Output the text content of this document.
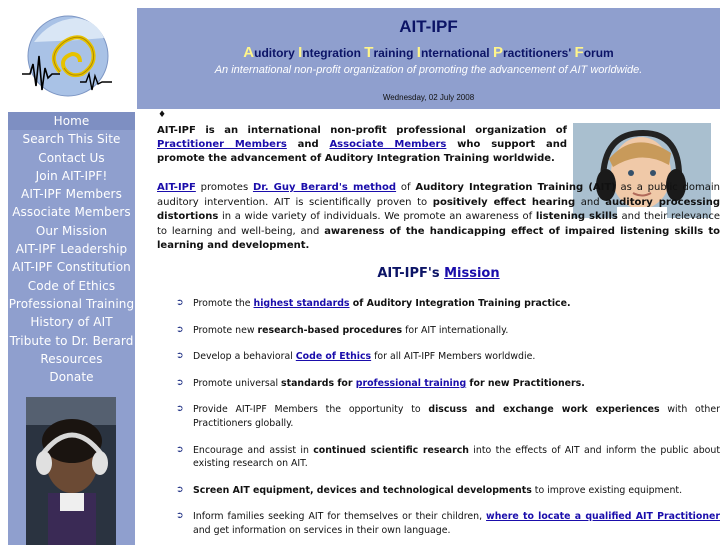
AIT-IPF
Auditory Integration Training International Practitioners' Forum
An international non-profit organization of promoting the advancement of AIT worldwide.
Wednesday, 02 July 2008
Home
Search This Site
Contact Us
Join AIT-IPF!
AIT-IPF Members
Associate Members
Our Mission
AIT-IPF Leadership
AIT-IPF Constitution
Code of Ethics
Professional Training
History of AIT
Tribute to Dr. Berard
Resources
Donate
♦
AIT-IPF is an international non-profit professional organization of Practitioner Members and Associate Members who support and promote the advancement of Auditory Integration Training worldwide.
AIT-IPF promotes Dr. Guy Berard's method of Auditory Integration Training (AIT) as a public domain auditory intervention. AIT is scientifically proven to positively effect hearing and auditory processing distortions in a wide variety of individuals. We promote an awareness of listening skills and their relevance to learning and well-being, and awareness of the handicapping effect of impaired listening skills to learning and development.
AIT-IPF's Mission
➲ Promote the highest standards of Auditory Integration Training practice.
➲ Promote new research-based procedures for AIT internationally.
➲ Develop a behavioral Code of Ethics for all AIT-IPF Members worldwdie.
➲ Promote universal standards for professional training for new Practitioners.
➲ Provide AIT-IPF Members the opportunity to discuss and exchange work experiences with other Practitioners globally.
➲ Encourage and assist in continued scientific research into the effects of AIT and inform the public about existing research on AIT.
➲ Screen AIT equipment, devices and technological developments to improve existing equipment.
➲ Inform families seeking AIT for themselves or their children, where to locate a qualified AIT Practitioner and get information on services in their own language.
